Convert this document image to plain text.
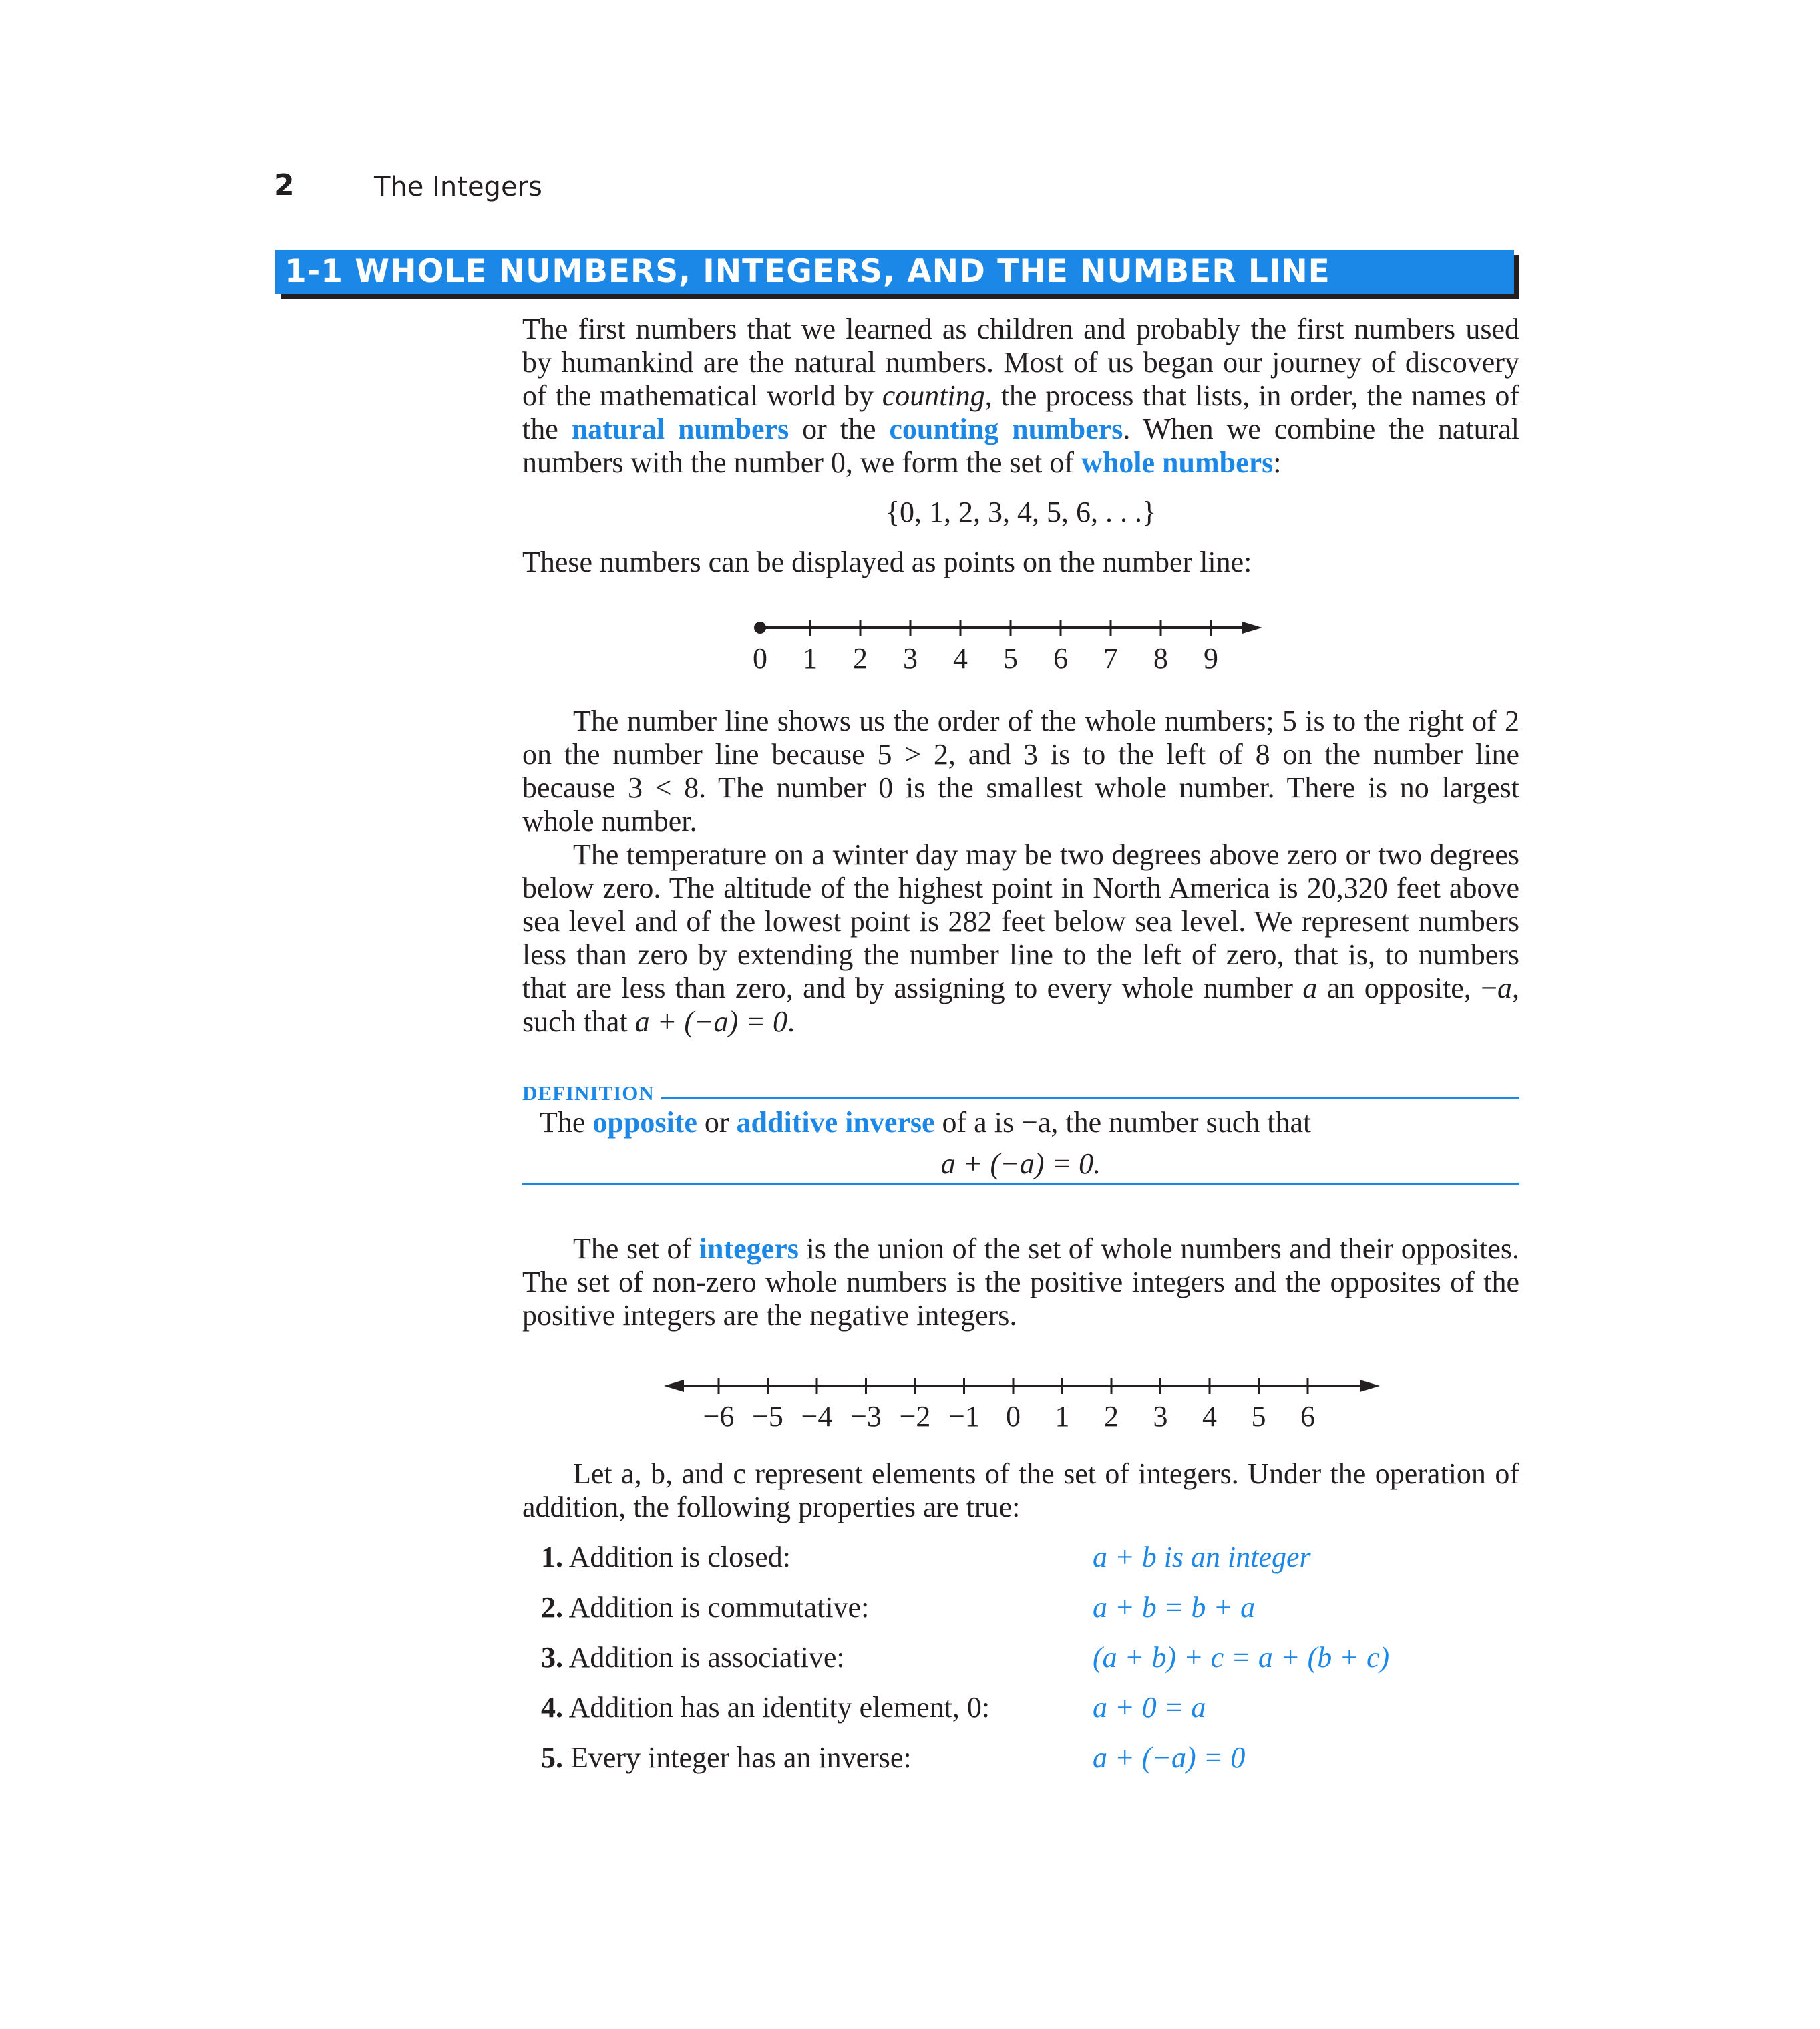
2	The Integers
1-1 WHOLE NUMBERS, INTEGERS, AND THE NUMBER LINE

The first numbers that we learned as children and probably the first numbers used by humankind are the natural numbers. Most of us began our journey of discovery of the mathematical world by counting, the process that lists, in order, the names of the natural numbers or the counting numbers. When we combine the natural numbers with the number 0, we form the set of whole numbers:

{0, 1, 2, 3, 4, 5, 6, . . .}

These numbers can be displayed as points on the number line:

0 1 2 3 4 5 6 7 8 9

The number line shows us the order of the whole numbers; 5 is to the right of 2 on the number line because 5 > 2, and 3 is to the left of 8 on the number line because 3 < 8. The number 0 is the smallest whole number. There is no largest whole number.

The temperature on a winter day may be two degrees above zero or two degrees below zero. The altitude of the highest point in North America is 20,320 feet above sea level and of the lowest point is 282 feet below sea level. We represent numbers less than zero by extending the number line to the left of zero, that is, to numbers that are less than zero, and by assigning to every whole number a an opposite, −a, such that a + (−a) = 0.

DEFINITION
The opposite or additive inverse of a is −a, the number such that
a + (−a) = 0.

The set of integers is the union of the set of whole numbers and their opposites. The set of non-zero whole numbers is the positive integers and the opposites of the positive integers are the negative integers.

−6 −5 −4 −3 −2 −1 0 1 2 3 4 5 6

Let a, b, and c represent elements of the set of integers. Under the operation of addition, the following properties are true:

1. Addition is closed:	a + b is an integer
2. Addition is commutative:	a + b = b + a
3. Addition is associative:	(a + b) + c = a + (b + c)
4. Addition has an identity element, 0:	a + 0 = a
5. Every integer has an inverse:	a + (−a) = 0
